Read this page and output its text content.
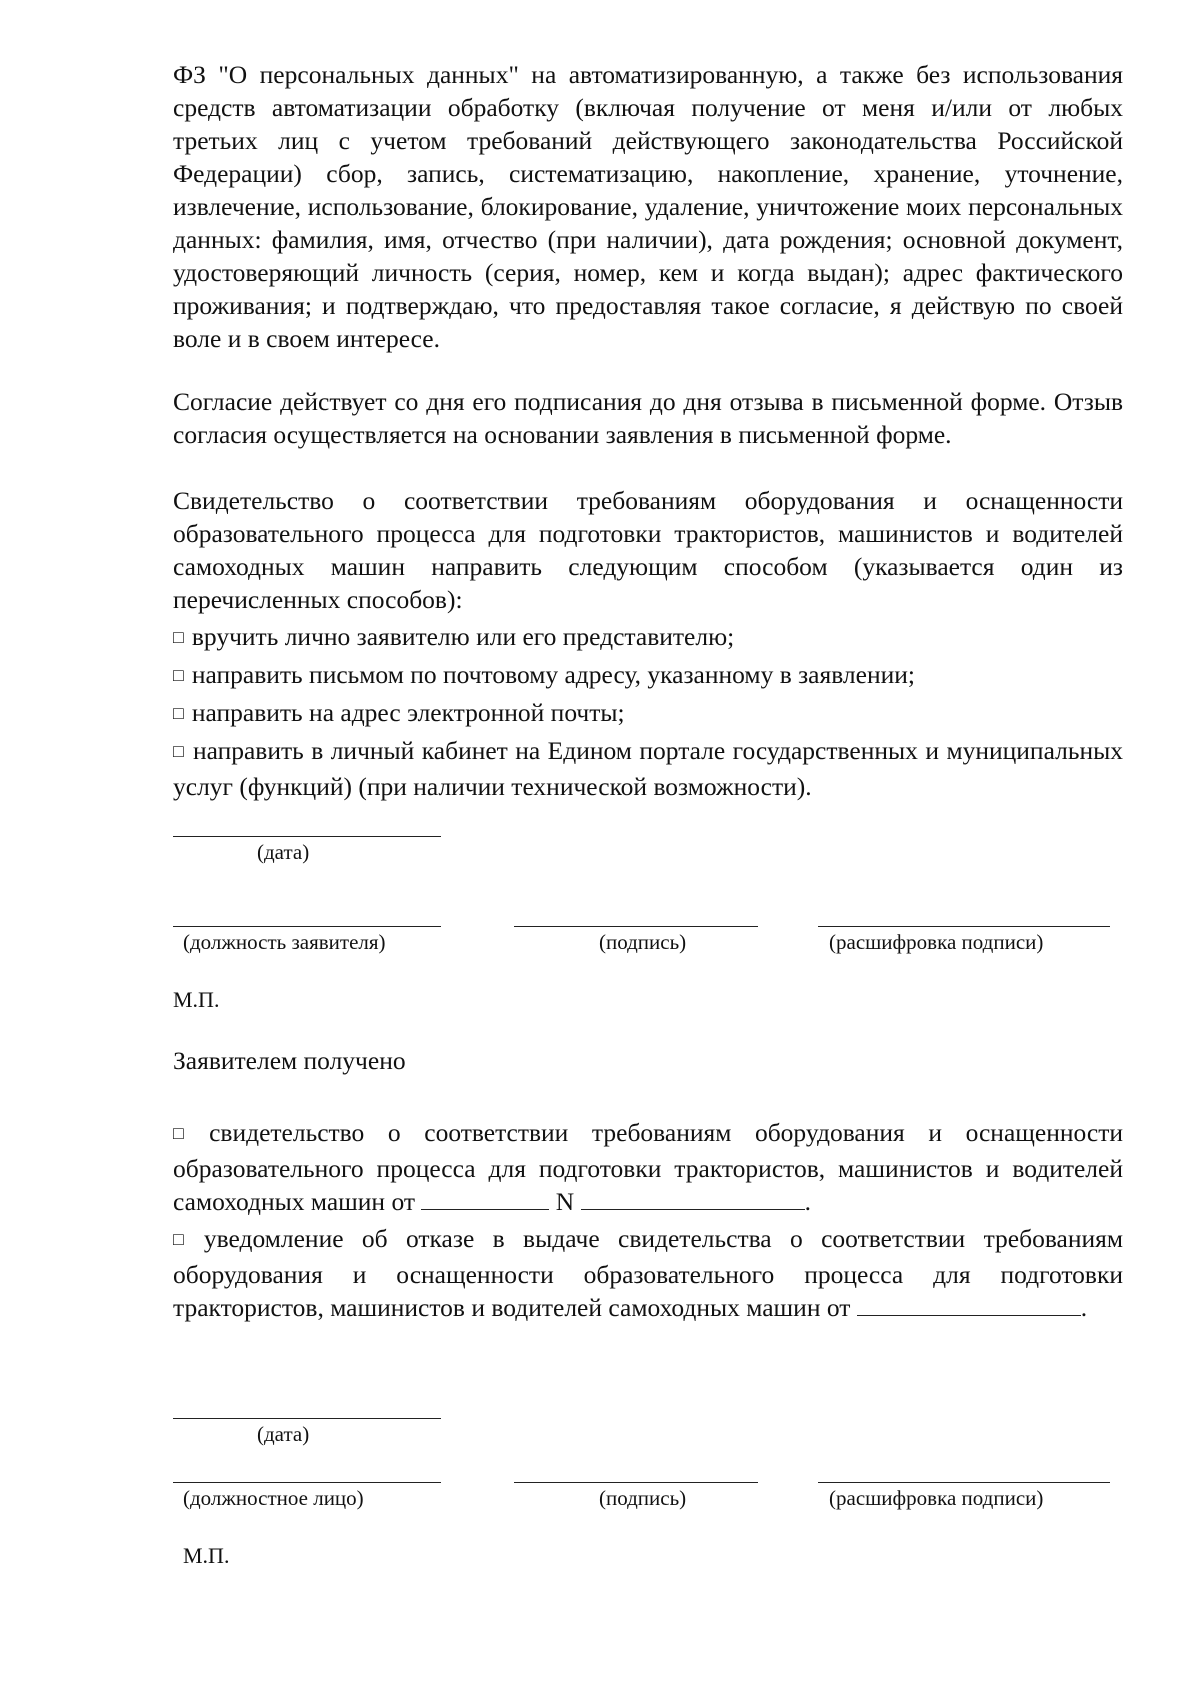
ФЗ "О персональных данных" на автоматизированную, а также без использования средств автоматизации обработку (включая получение от меня и/или от любых третьих лиц с учетом требований действующего законодательства Российской Федерации) сбор, запись, систематизацию, накопление, хранение, уточнение, извлечение, использование, блокирование, удаление, уничтожение моих персональных данных: фамилия, имя, отчество (при наличии), дата рождения; основной документ, удостоверяющий личность (серия, номер, кем и когда выдан); адрес фактического проживания; и подтверждаю, что предоставляя такое согласие, я действую по своей воле и в своем интересе.

Согласие действует со дня его подписания до дня отзыва в письменной форме. Отзыв согласия осуществляется на основании заявления в письменной форме.

Свидетельство о соответствии требованиям оборудования и оснащенности образовательного процесса для подготовки трактористов, машинистов и водителей самоходных машин направить следующим способом (указывается один из перечисленных способов):

□ вручить лично заявителю или его представителю;

□ направить письмом по почтовому адресу, указанному в заявлении;

□ направить на адрес электронной почты;

□ направить в личный кабинет на Едином портале государственных и муниципальных услуг (функций) (при наличии технической возможности).

(дата)
(должность заявителя)	(подпись)	(расшифровка подписи)
М.П.
Заявителем получено

□ свидетельство о соответствии требованиям оборудования и оснащенности образовательного процесса для подготовки трактористов, машинистов и водителей самоходных машин от	N	.

□ уведомление об отказе в выдаче свидетельства о соответствии требованиям оборудования и оснащенности образовательного процесса для подготовки трактористов, машинистов и водителей самоходных машин от	.

(дата)
(должностное лицо)	(подпись)	(расшифровка подписи)
М.П.
